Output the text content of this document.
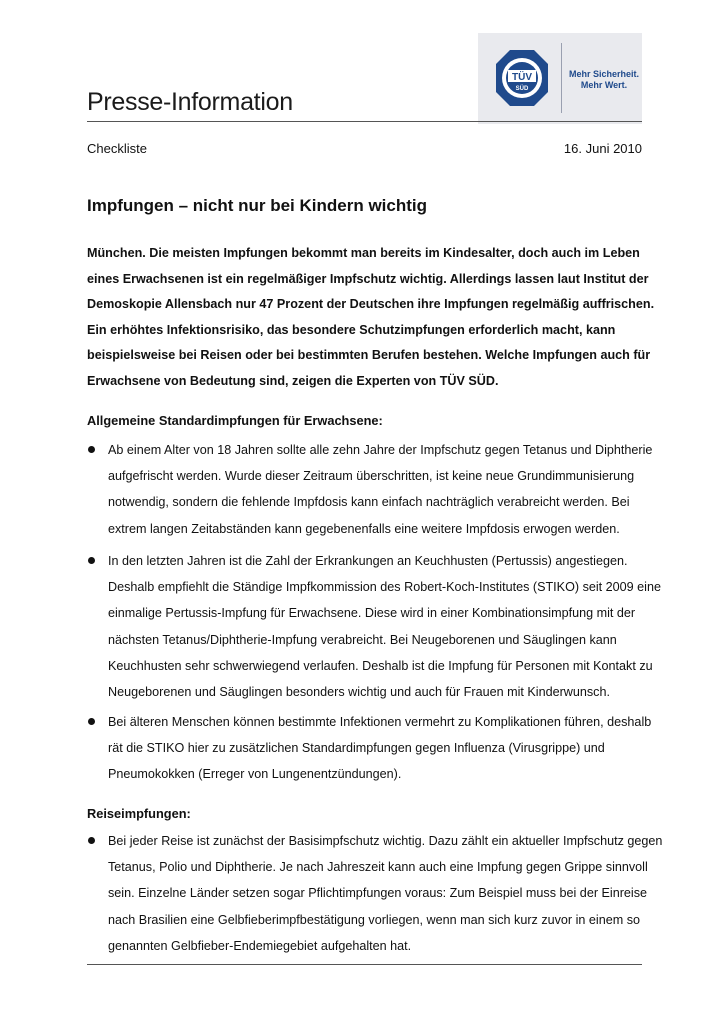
TÜV
SÜD
Mehr Sicherheit.
Mehr Wert.
Presse-Information
Checkliste	16. Juni 2010
Impfungen – nicht nur bei Kindern wichtig
München. Die meisten Impfungen bekommt man bereits im Kindesalter, doch auch im Leben
eines Erwachsenen ist ein regelmäßiger Impfschutz wichtig. Allerdings lassen laut Institut der
Demoskopie Allensbach nur 47 Prozent der Deutschen ihre Impfungen regelmäßig auffrischen.
Ein erhöhtes Infektionsrisiko, das besondere Schutzimpfungen erforderlich macht, kann
beispielsweise bei Reisen oder bei bestimmten Berufen bestehen. Welche Impfungen auch für
Erwachsene von Bedeutung sind, zeigen die Experten von TÜV SÜD.
Allgemeine Standardimpfungen für Erwachsene:
Ab einem Alter von 18 Jahren sollte alle zehn Jahre der Impfschutz gegen Tetanus und Diphtherie
aufgefrischt werden. Wurde dieser Zeitraum überschritten, ist keine neue Grundimmunisierung
notwendig, sondern die fehlende Impfdosis kann einfach nachträglich verabreicht werden. Bei
extrem langen Zeitabständen kann gegebenenfalls eine weitere Impfdosis erwogen werden.
In den letzten Jahren ist die Zahl der Erkrankungen an Keuchhusten (Pertussis) angestiegen.
Deshalb empfiehlt die Ständige Impfkommission des Robert-Koch-Institutes (STIKO) seit 2009 eine
einmalige Pertussis-Impfung für Erwachsene. Diese wird in einer Kombinationsimpfung mit der
nächsten Tetanus/Diphtherie-Impfung verabreicht. Bei Neugeborenen und Säuglingen kann
Keuchhusten sehr schwerwiegend verlaufen. Deshalb ist die Impfung für Personen mit Kontakt zu
Neugeborenen und Säuglingen besonders wichtig und auch für Frauen mit Kinderwunsch.
Bei älteren Menschen können bestimmte Infektionen vermehrt zu Komplikationen führen, deshalb
rät die STIKO hier zu zusätzlichen Standardimpfungen gegen Influenza (Virusgrippe) und
Pneumokokken (Erreger von Lungenentzündungen).
Reiseimpfungen:
Bei jeder Reise ist zunächst der Basisimpfschutz wichtig. Dazu zählt ein aktueller Impfschutz gegen
Tetanus, Polio und Diphtherie. Je nach Jahreszeit kann auch eine Impfung gegen Grippe sinnvoll
sein. Einzelne Länder setzen sogar Pflichtimpfungen voraus: Zum Beispiel muss bei der Einreise
nach Brasilien eine Gelbfieberimpfbestätigung vorliegen, wenn man sich kurz zuvor in einem so
genannten Gelbfieber-Endemiegebiet aufgehalten hat.
